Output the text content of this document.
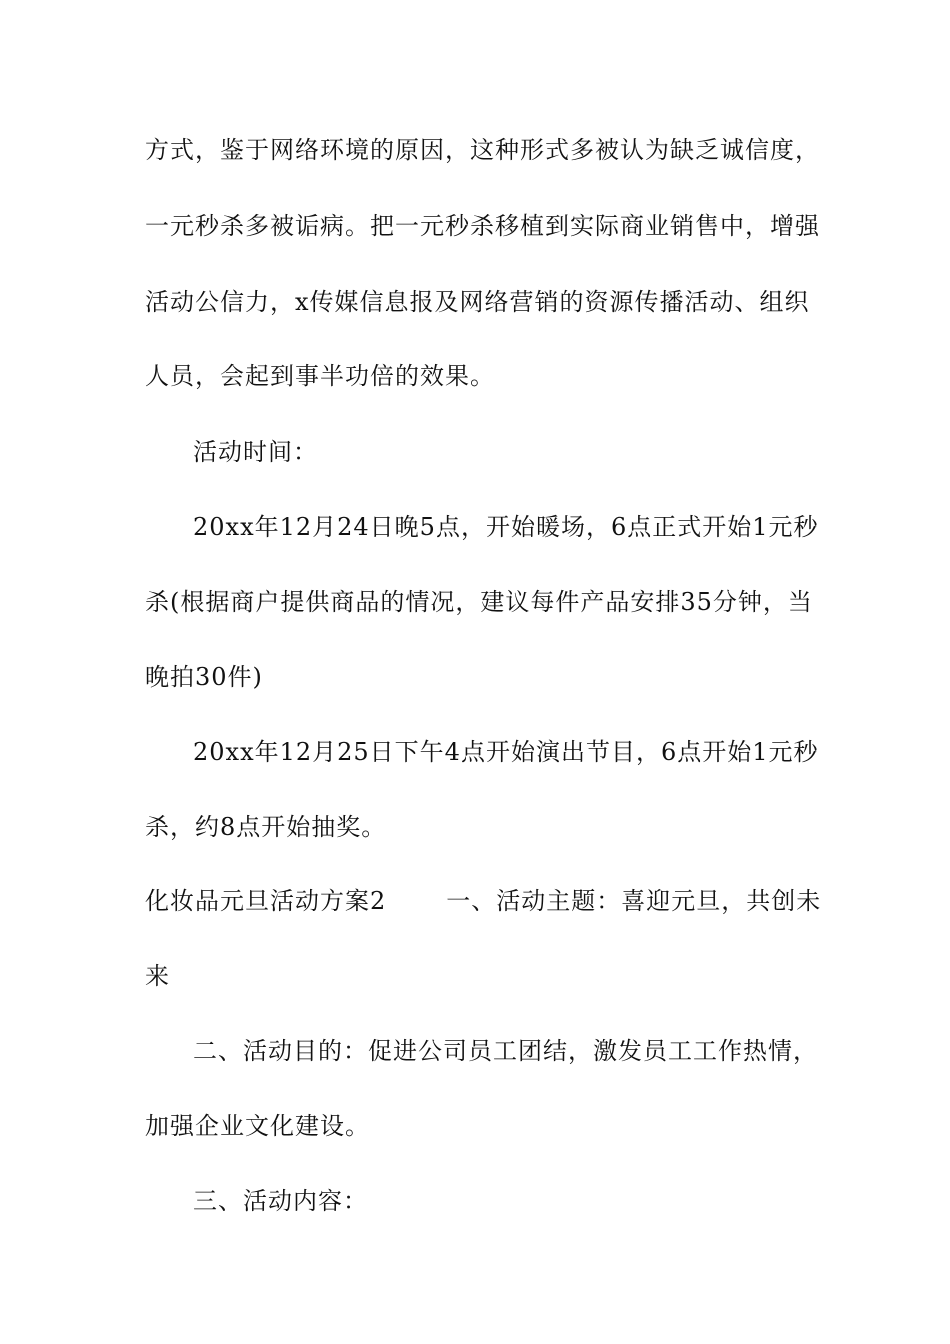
方式，鉴于网络环境的原因，这种形式多被认为缺乏诚信度，
一元秒杀多被诟病。把一元秒杀移植到实际商业销售中，增强
活动公信力，x传媒信息报及网络营销的资源传播活动、组织
人员，会起到事半功倍的效果。
活动时间：
20xx年12月24日晚5点，开始暖场，6点正式开始1元秒
杀(根据商户提供商品的情况，建议每件产品安排35分钟，当
晚拍30件)
20xx年12月25日下午4点开始演出节目，6点开始1元秒
杀，约8点开始抽奖。
化妆品元旦活动方案2	一、活动主题：喜迎元旦，共创未
来
二、活动目的：促进公司员工团结，激发员工工作热情，
加强企业文化建设。
三、活动内容：
